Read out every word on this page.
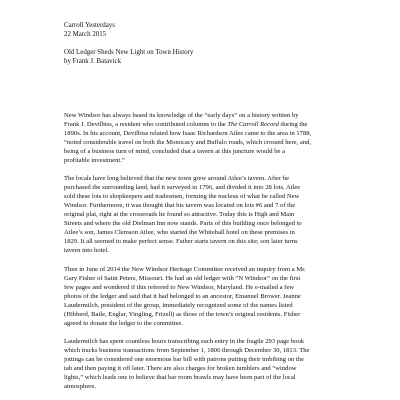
Carroll Yesterdays
22 March 2015
Old Ledger Sheds New Light on Town History
by Frank J. Batavick
New Windsor has always based its knowledge of the “early days” on a history written by
Frank J. Devilbiss, a resident who contributed columns to the The Carroll Record during the
1890s. In his account, Devilbiss related how Isaac Richardson Atlee came to the area in 1788,
“noted considerable travel on both the Monocacy and Buffalo roads, which crossed here, and,
being of a business turn of mind, concluded that a tavern at this juncture would be a
profitable investment.”
The locals have long believed that the new town grew around Atlee’s tavern. After he
purchased the surrounding land, had it surveyed in 1796, and divided it into 28 lots, Atlee
sold these lots to shopkeepers and tradesmen, forming the nucleus of what be called New
Windsor. Furthermore, it was thought that his tavern was located on lots #6 and 7 of the
original plat, right at the crossroads he found so attractive. Today this is High and Main
Streets and where the old Dielman Inn now stands. Parts of this building once belonged to
Atlee’s son, James Clemson Atlee, who started the Whitehall hotel on these premises in
1829. It all seemed to make perfect sense. Father starts tavern on this site; son later turns
tavern into hotel.
Then in June of 2014 the New Windsor Heritage Committee received an inquiry from a Mr.
Gary Fisher of Saint Peters, Missouri. He had an old ledger with “N Windsor” on the first
few pages and wondered if this referred to New Windsor, Maryland. He e-mailed a few
photos of the ledger and said that it had belonged to an ancestor, Emanuel Brower. Jeanne
Laudermilch, president of the group, immediately recognized some of the names listed
(Hibberd, Baile, Englar, Yingling, Frizell) as those of the town’s original residents. Fisher
agreed to donate the ledger to the committee.
Laudermilch has spent countless hours transcribing each entry in the fragile 293 page book
which tracks business transactions from September 1, 1806 through December 30, 1813. The
jottings can be considered one enormous bar bill with patrons putting their imbibing on the
tab and then paying it off later. There are also charges for broken tumblers and “window
lights,” which leads one to believe that bar room brawls may have been part of the local
atmosphere.
